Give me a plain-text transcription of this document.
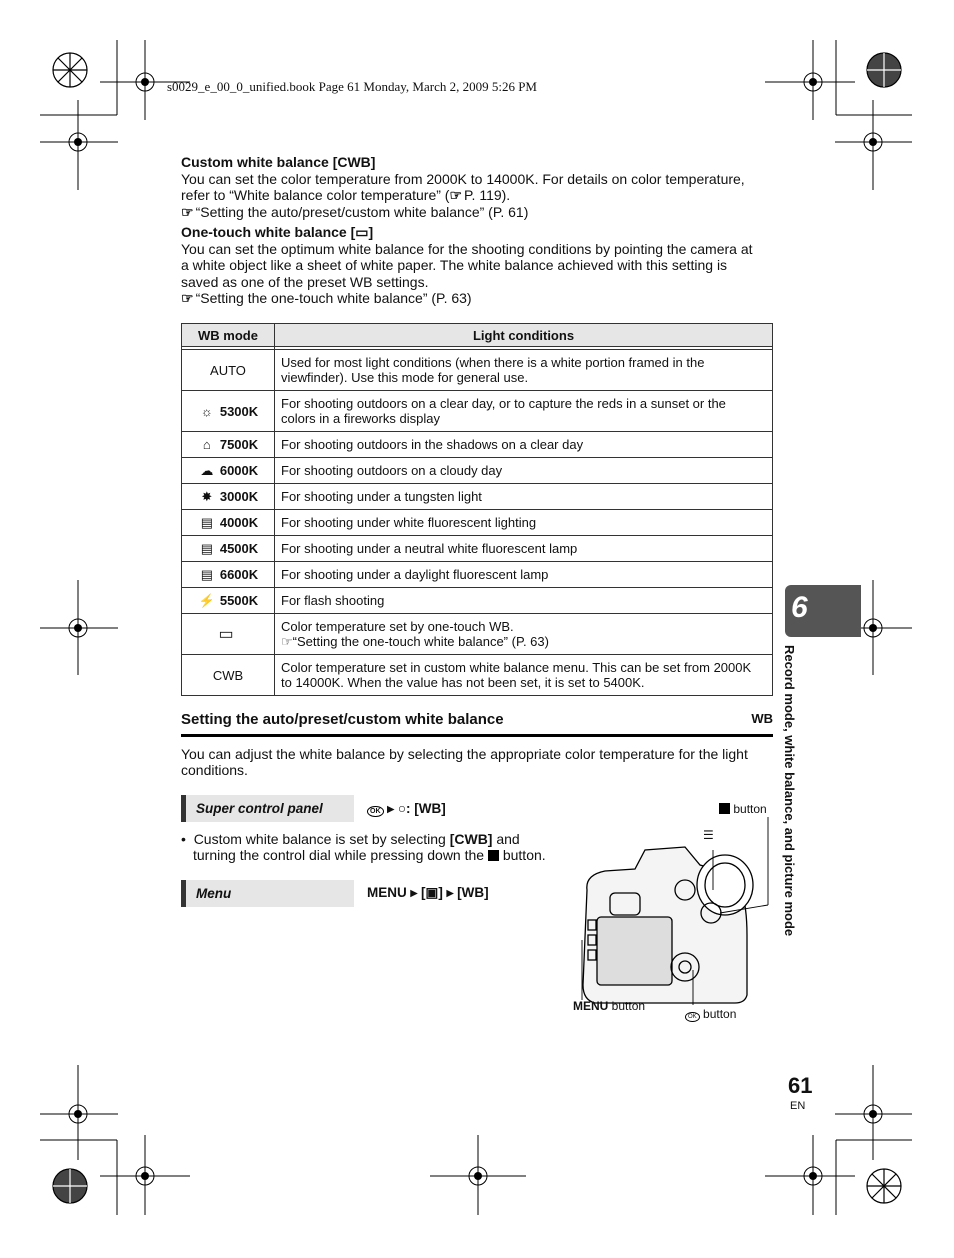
s0029_e_00_0_unified.book Page 61 Monday, March 2, 2009 5:26 PM
Custom white balance [CWB]
You can set the color temperature from 2000K to 14000K. For details on color temperature,
refer to “White balance color temperature” (☞ P. 119).
☞ “Setting the auto/preset/custom white balance” (P. 61)
One-touch white balance [▭]
You can set the optimum white balance for the shooting conditions by pointing the camera at
a white object like a sheet of white paper. The white balance achieved with this setting is
saved as one of the preset WB settings.
☞ “Setting the one-touch white balance” (P. 63)
WB mode	Light conditions

AUTO	Used for most light conditions (when there is a white portion framed in the
viewfinder). Use this mode for general use.

☼ 5300K	For shooting outdoors on a clear day, or to capture the reds in a sunset or the
colors in a fireworks display

⌂ 7500K	For shooting outdoors in the shadows on a clear day
☁ 6000K	For shooting outdoors on a cloudy day
✸ 3000K	For shooting under a tungsten light
▤ 4000K	For shooting under white fluorescent lighting
▤ 4500K	For shooting under a neutral white fluorescent lamp
▤ 6600K	For shooting under a daylight fluorescent lamp
⚡ 5500K	For flash shooting
▭	Color temperature set by one-touch WB.
☞“Setting the one-touch white balance” (P. 63)

CWB	Color temperature set in custom white balance menu. This can be set from 2000K
to 14000K. When the value has not been set, it is set to 5400K.
Setting the auto/preset/custom white balance	WB
You can adjust the white balance by selecting the appropriate color temperature for the light
conditions.
Super control panel	OK ▸ ○: [WB]
• Custom white balance is set by selecting [CWB] and
turning the control dial while pressing down the  button.
Menu	MENU ▸ [▣] ▸ [WB]
button
☰
MENU button
OK button
6
Record mode, white balance, and picture mode
61
EN
